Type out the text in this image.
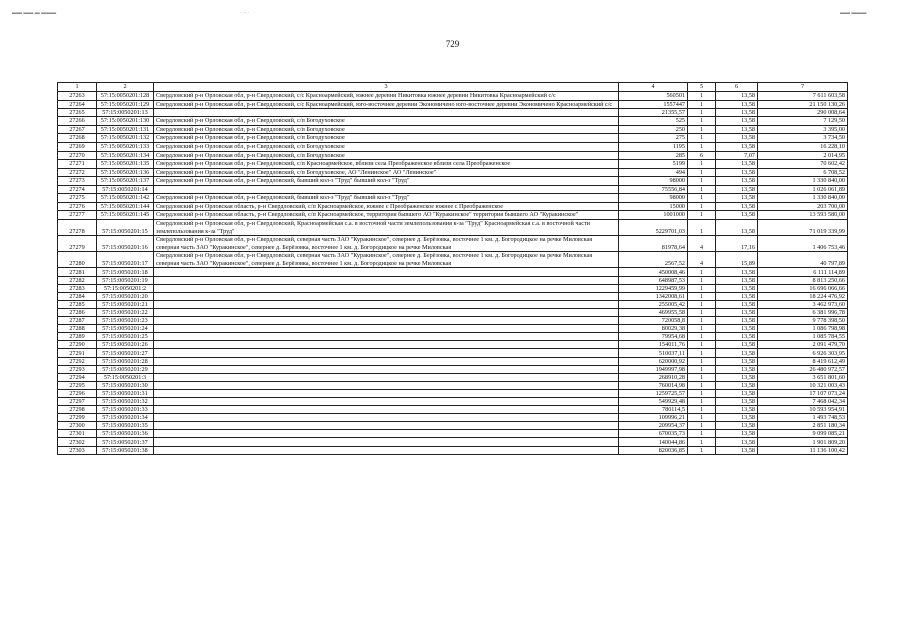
▬▬ ▬▬ ▬ ▬▬▬	· ·· ·	▬▬ ▬▬▬
729
1	2	3	4	5	6	7
27263	57:15:0050201:128	Свердловский р-н Орловская обл, р-н Свердловский, с/с Красноармейский, южнее деревни Никитовка южнее деревни Никитовка Красноармейский с/с	560501	1	13,58	7 611 603,58
27264	57:15:0050201:129	Свердловский р-н Орловская обл, р-н Свердловский, с/с Красноармейский, юго-восточнее деревни Экономичено юго-восточнее деревни Экономичено Красноармейский с/с	1557447	1	13,58	21 150 130,26
27265	57:15:0050201:13		21355,57	1	13,58	290 008,64
27266	57:15:0050201:130	Свердловский р-н Орловская обл, р-н Свердловский, с/п Богодуховское	525	1	13,58	7 129,50
27267	57:15:0050201:131	Свердловский р-н Орловская обл, р-н Свердловский, с/п Богодуховское	250	1	13,58	3 395,00
27268	57:15:0050201:132	Свердловский р-н Орловская обл, р-н Свердловский, с/п Богодуховское	275	1	13,58	3 734,50
27269	57:15:0050201:133	Свердловский р-н Орловская обл, р-н Свердловский, с/п Богодуховское	1195	1	13,58	16 228,10
27270	57:15:0050201:134	Свердловский р-н Орловская обл, р-н Свердловский, с/п Богодуховское	285	6	7,07	2 014,95
27271	57:15:0050201:135	Свердловский р-н Орловская обл, р-н Свердловский, с/п Красноармейское, вблизи села Преображенское вблизи села Преображенское	5199	1	13,58	70 602,42
27272	57:15:0050201:136	Свердловский р-н Орловская обл, р-н Свердловский, с/п Богодуховское, АО "Ленинское" АО "Ленинское"	494	1	13,58	6 708,52
27273	57:15:0050201:137	Свердловский р-н Орловская обл, р-н Свердловский, бывший кол-з "Труд" бывший кол-з "Труд"	98000	1	13,58	1 330 840,00
27274	57:15:0050201:14		75556,84	1	13,58	1 026 061,89
27275	57:15:0050201:142	Свердловский р-н Орловская обл, р-н Свердловский, бывший кол-з "Труд" бывший кол-з "Труд"	98000	1	13,58	1 330 840,00
27276	57:15:0050201:144	Свердловский р-н Орловская область, р-н Свердловский, с/п Красноармейское, южнее с Преображенское южнее с Преображенское	15000	1	13,58	203 700,00
27277	57:15:0050201:145	Свердловский р-н Орловская область, р-н Свердловский, с/п Красноармейское, территория бывшего АО "Куракинское" территория бывшего АО "Куракинское"	1001000	1	13,58	13 593 580,00
27278	57:15:0050201:15	Свердловский р-н Орловская обл, р-н Свердловский, Красноармейская с.а. в восточной части землепользования к-за "Труд" Красноармейская с.а. в восточной части землепользования к-за "Труд"	5229701,03	1	13,58	71 019 339,99
27279	57:15:0050201:16	Свердловский р-н Орловская обл, р-н Свердловский, северная часть ЗАО "Куракинское", севернее д. Берёзовка, восточнее 1 км. д. Богородицкое на речке Миловская северная часть ЗАО "Куракинское", севернее д. Берёзовка, восточнее 1 км. д. Богородицкое на речке Миловская	81978,64	4	17,16	1 406 753,46
27280	57:15:0050201:17	Свердловский р-н Орловская обл, р-н Свердловский, северная часть ЗАО "Куракинское", севернее д. Берёзовка, восточнее 1 км. д. Богородицкое на речке Миловская северная часть ЗАО "Куракинское", севернее д. Берёзовка, восточнее 1 км. д. Богородицкое на речке Миловская	2567,52	4	15,89	40 797,89
27281	57:15:0050201:18		450008,46	1	13,58	6 111 114,89
27282	57:15:0050201:19		648987,53	1	13,58	8 813 250,66
27283	57:15:0050201:2		1229459,99	1	13,58	16 696 066,66
27284	57:15:0050201:20		1342008,61	1	13,58	18 224 476,92
27285	57:15:0050201:21		255005,42	1	13,58	3 462 973,60
27286	57:15:0050201:22		469955,58	1	13,58	6 381 996,78
27287	57:15:0050201:23		720058,8	1	13,58	9 778 398,50
27288	57:15:0050201:24		80029,38	1	13,58	1 086 798,98
27289	57:15:0050201:25		79954,68	1	13,58	1 085 784,55
27290	57:15:0050201:26		154011,76	1	13,58	2 091 479,70
27291	57:15:0050201:27		510037,11	1	13,58	6 926 303,95
27292	57:15:0050201:28		620000,92	1	13,58	8 419 612,49
27293	57:15:0050201:29		1949997,98	1	13,58	26 480 972,57
27294	57:15:0050201:3		268910,28	1	13,58	3 651 801,60
27295	57:15:0050201:30		760014,98	1	13,58	10 321 003,43
27296	57:15:0050201:31		1259725,57	1	13,58	17 107 073,24
27297	57:15:0050201:32		549929,48	1	13,58	7 468 042,34
27298	57:15:0050201:33		780114,5	1	13,58	10 593 954,91
27299	57:15:0050201:34		109996,21	1	13,58	1 493 748,53
27300	57:15:0050201:35		209954,37	1	13,58	2 851 180,34
27301	57:15:0050201:36		670035,73	1	13,58	9 099 085,21
27302	57:15:0050201:37		140044,86	1	13,58	1 901 809,20
27303	57:15:0050201:38		820036,85	1	13,58	11 136 100,42
